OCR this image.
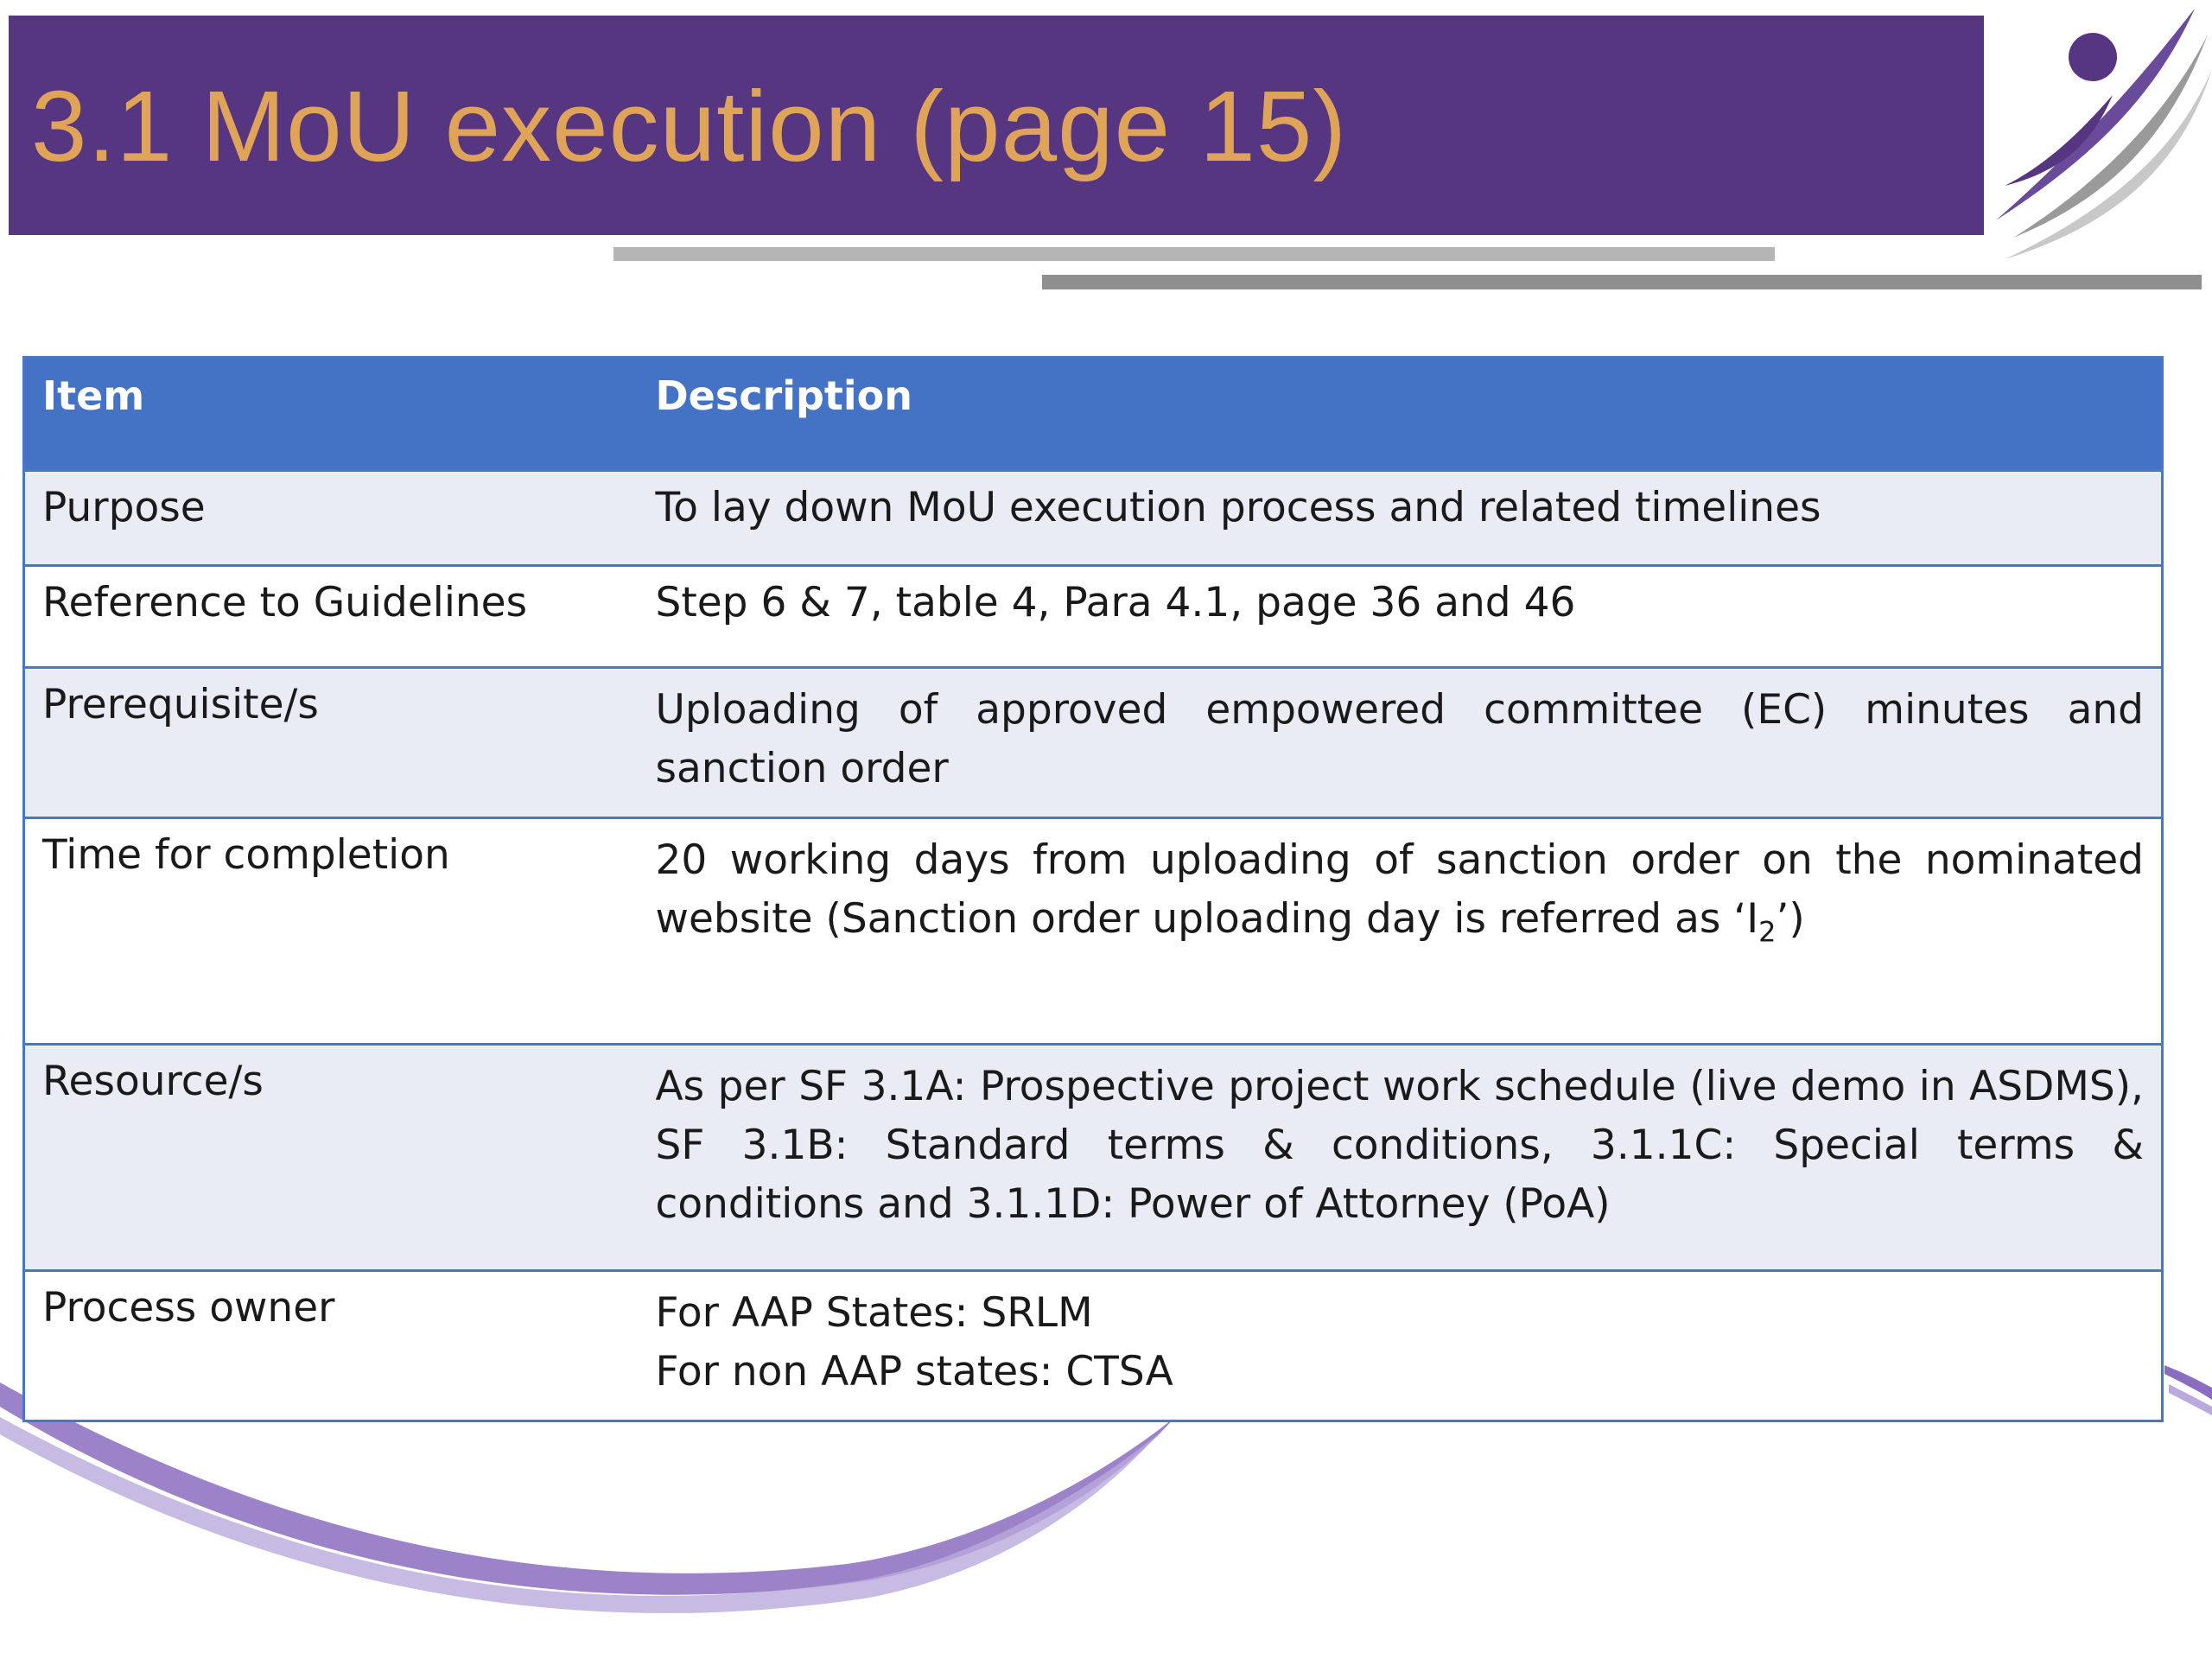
3.1 MoU execution (page 15)
Item	Description
Purpose	To lay down MoU execution process and related timelines
Reference to Guidelines	Step 6 & 7, table 4, Para 4.1, page 36 and 46
Prerequisite/s	Uploading of approved empowered committee (EC) minutes and sanction order
Time for completion	20 working days from uploading of sanction order on the nominated website (Sanction order uploading day is referred as ‘$I_2$’)
Resource/s	As per SF 3.1A: Prospective project work schedule (live demo in ASDMS), SF 3.1B: Standard terms & conditions, 3.1.1C: Special terms & conditions and 3.1.1D: Power of Attorney (PoA)
Process owner	For AAP States: SRLM
For non AAP states: CTSA
